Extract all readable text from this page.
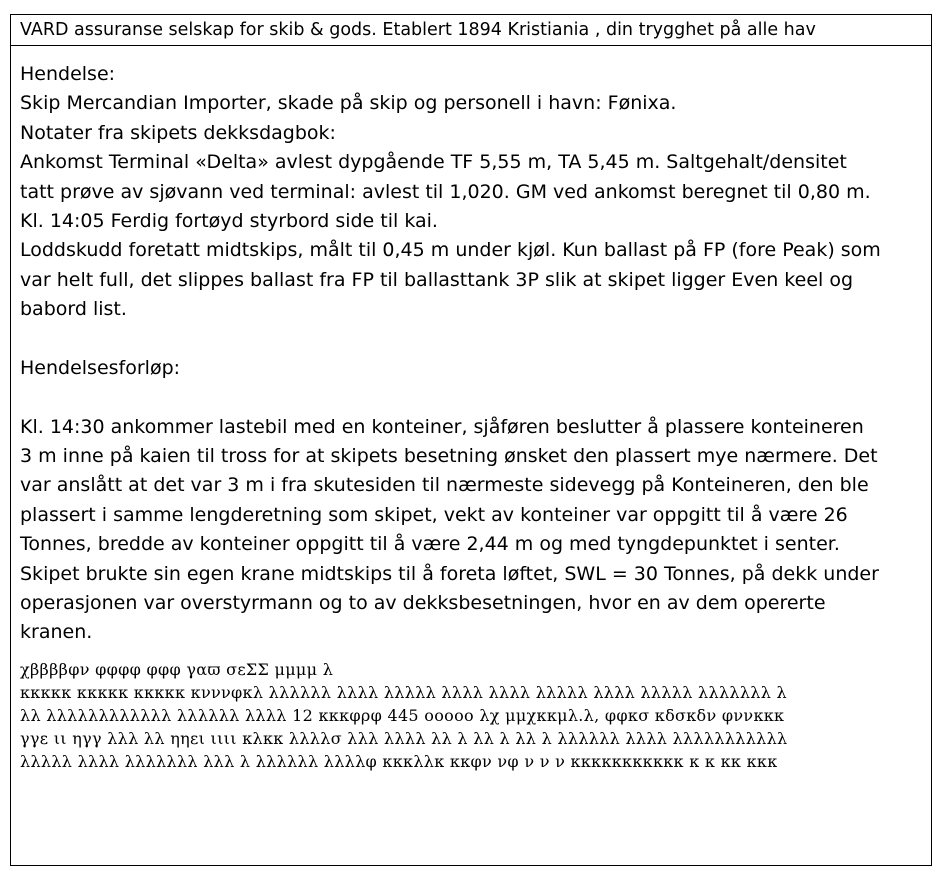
VARD assuranse selskap for skib & gods. Etablert 1894 Kristiania , din trygghet på alle hav
Hendelse:
Skip Mercandian Importer, skade på skip og personell i havn: Fønixa.
Notater fra skipets dekksdagbok:
Ankomst Terminal «Delta» avlest dypgående TF 5,55 m, TA 5,45 m. Saltgehalt/densitet
tatt prøve av sjøvann ved terminal: avlest til 1,020. GM ved ankomst beregnet til 0,80 m.
Kl. 14:05 Ferdig fortøyd styrbord side til kai.
Loddskudd foretatt midtskips, målt til 0,45 m under kjøl. Kun ballast på FP (fore Peak) som
var helt full, det slippes ballast fra FP til ballasttank 3P slik at skipet ligger Even keel og
babord list.
Hendelsesforløp:
Kl. 14:30 ankommer lastebil med en konteiner, sjåføren beslutter å plassere konteineren
3 m inne på kaien til tross for at skipets besetning ønsket den plassert mye nærmere. Det
var anslått at det var 3 m i fra skutesiden til nærmeste sidevegg på Konteineren, den ble
plassert i samme lengderetning som skipet, vekt av konteiner var oppgitt til å være 26
Tonnes, bredde av konteiner oppgitt til å være 2,44 m og med tyngdepunktet i senter.
Skipet brukte sin egen krane midtskips til å foreta løftet, SWL = 30 Tonnes, på dekk under
operasjonen var overstyrmann og to av dekksbesetningen, hvor en av dem opererte
kranen.
χββββφν φφφφ φφφ γαϖ σεΣΣ μμμμ λ
κκκκκ κκκκκ κκκκκ κνννφκλ λλλλλλ λλλλ λλλλλ λλλλ λλλλ λλλλλ λλλλ λλλλλ λλλλλλλ λ
λλ λλλλλλλλλλλλ λλλλλλ λλλλ 12 κκκφρφ 445 οοοοο λχ μμχκκμλ.λ, φφκσ κδσκδν φννκκκ
γγε ιι ηγγ λλλ λλ ηηει ιιιι κλκκ λλλλσ λλλ λλλλ λλ λ λλ λ λλ λ λλλλλλ λλλλ λλλλλλλλλλλ
λλλλλ λλλλ λλλλλλλ λλλ λ λλλλλλ λλλλφ κκκλλκ κκφν νφ ν ν ν κκκκκκκκκκκ κ κ κκ κκκ
